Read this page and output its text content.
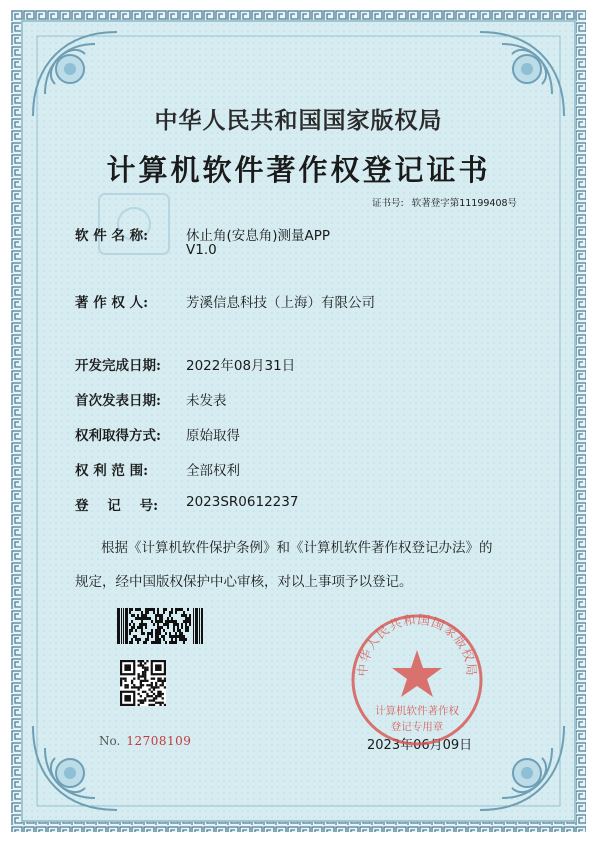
中华人民共和国国家版权局
计算机软件著作权登记证书
证书号: 软著登字第11199408号
软 件 名 称:	休止角(安息角)测量APP
V1.0
著 作 权 人:	芳溪信息科技（上海）有限公司
开发完成日期: 2022年08月31日
首次发表日期: 未发表
权利取得方式: 原始取得
权 利 范 围:	全部权利
登    记    号: 2023SR0612237
根据《计算机软件保护条例》和《计算机软件著作权登记办法》的
规定，经中国版权保护中心审核，对以上事项予以登记。
No. 12708109	2023年06月09日
中华人民共和国国家版权局
计算机软件著作权
登记专用章
